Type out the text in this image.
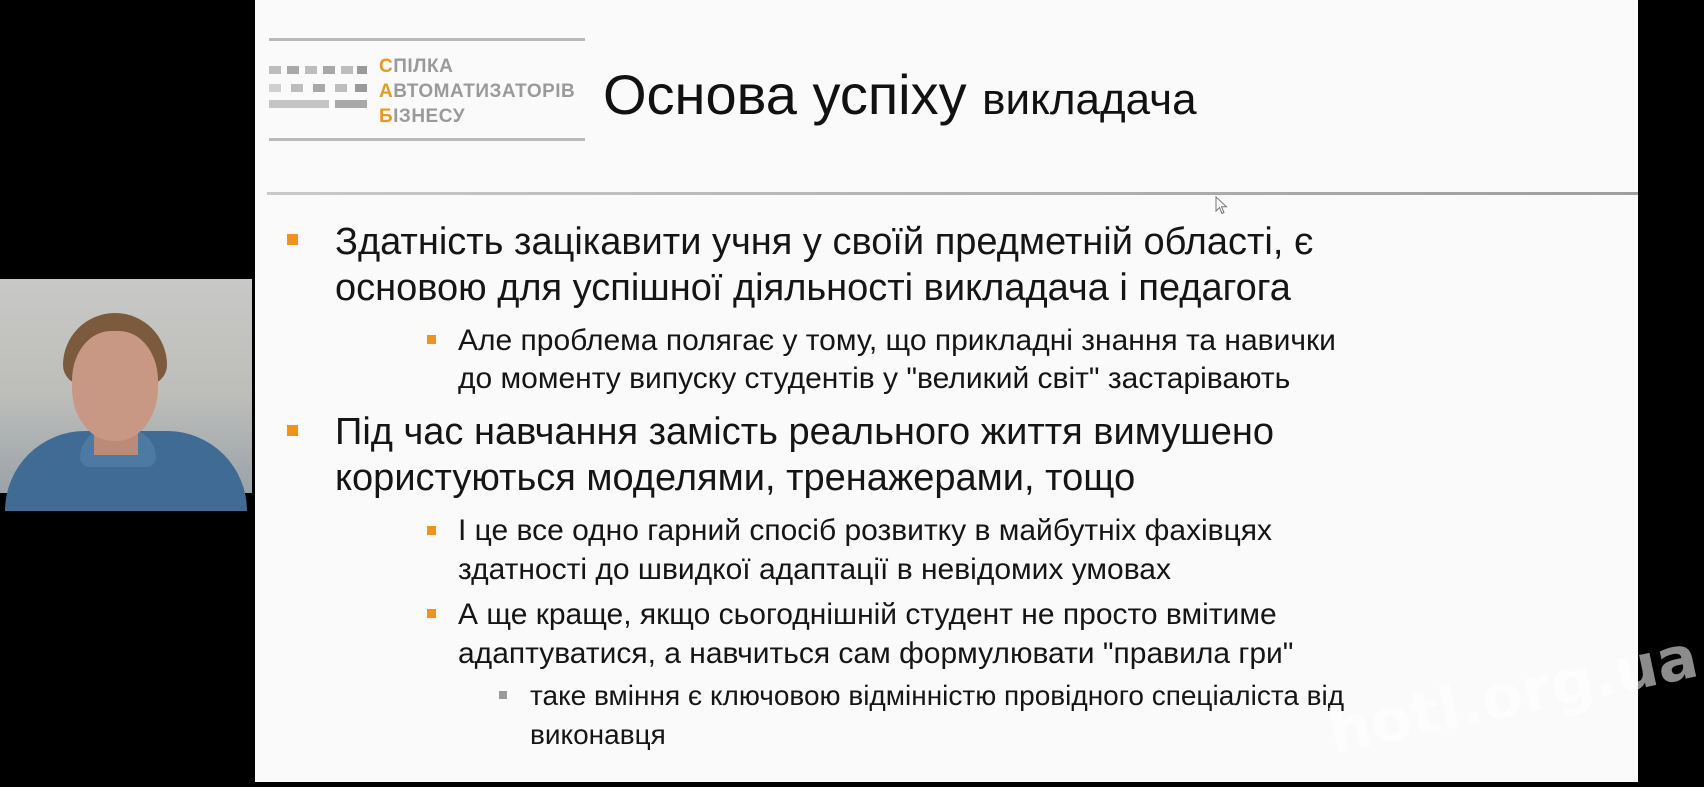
СПІЛКА
АВТОМАТИЗАТОРІВ
БІЗНЕСУ	Основа успіху викладача
Здатність зацікавити учня у своїй предметній області, є
основою для успішної діяльності викладача і педагога
Але проблема полягає у тому, що прикладні знання та навички
до моменту випуску студентів у "великий світ" застарівають
Під час навчання замість реального життя вимушено
користуються моделями, тренажерами, тощо
І це все одно гарний спосіб розвитку в майбутніх фахівцях
здатності до швидкої адаптації в невідомих умовах
А ще краще, якщо сьогоднішній студент не просто вмітиме
адаптуватися, а навчиться сам формулювати "правила гри"
таке вміння є ключовою відмінністю провідного спеціаліста від
виконавця	hotl.org.ua
